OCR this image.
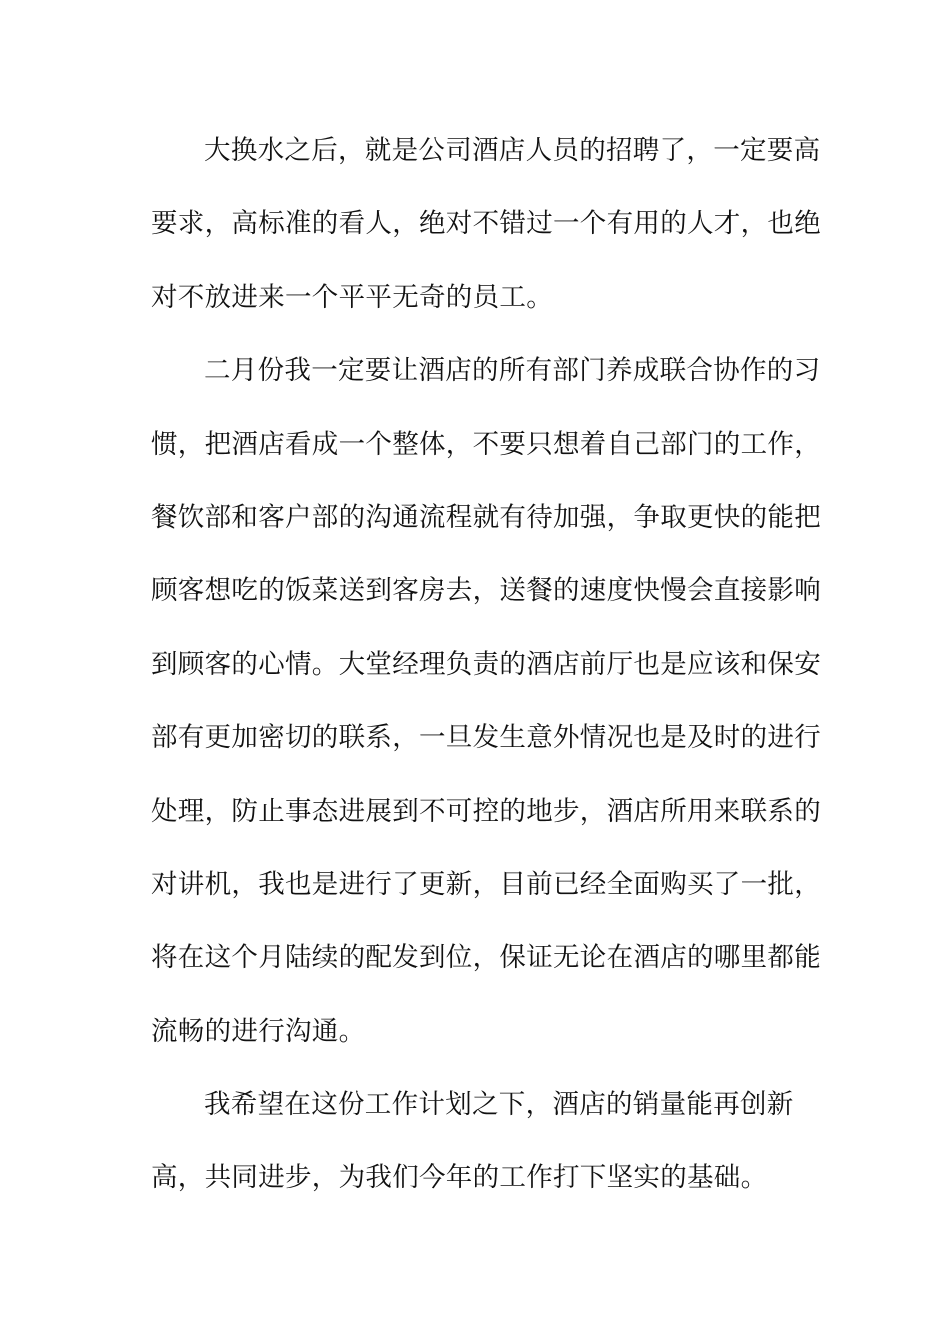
大换水之后，就是公司酒店人员的招聘了，一定要高
要求，高标准的看人，绝对不错过一个有用的人才，也绝
对不放进来一个平平无奇的员工。
二月份我一定要让酒店的所有部门养成联合协作的习
惯，把酒店看成一个整体，不要只想着自己部门的工作，
餐饮部和客户部的沟通流程就有待加强，争取更快的能把
顾客想吃的饭菜送到客房去，送餐的速度快慢会直接影响
到顾客的心情。大堂经理负责的酒店前厅也是应该和保安
部有更加密切的联系，一旦发生意外情况也是及时的进行
处理，防止事态进展到不可控的地步，酒店所用来联系的
对讲机，我也是进行了更新，目前已经全面购买了一批，
将在这个月陆续的配发到位，保证无论在酒店的哪里都能
流畅的进行沟通。
我希望在这份工作计划之下，酒店的销量能再创新
高，共同进步，为我们今年的工作打下坚实的基础。
